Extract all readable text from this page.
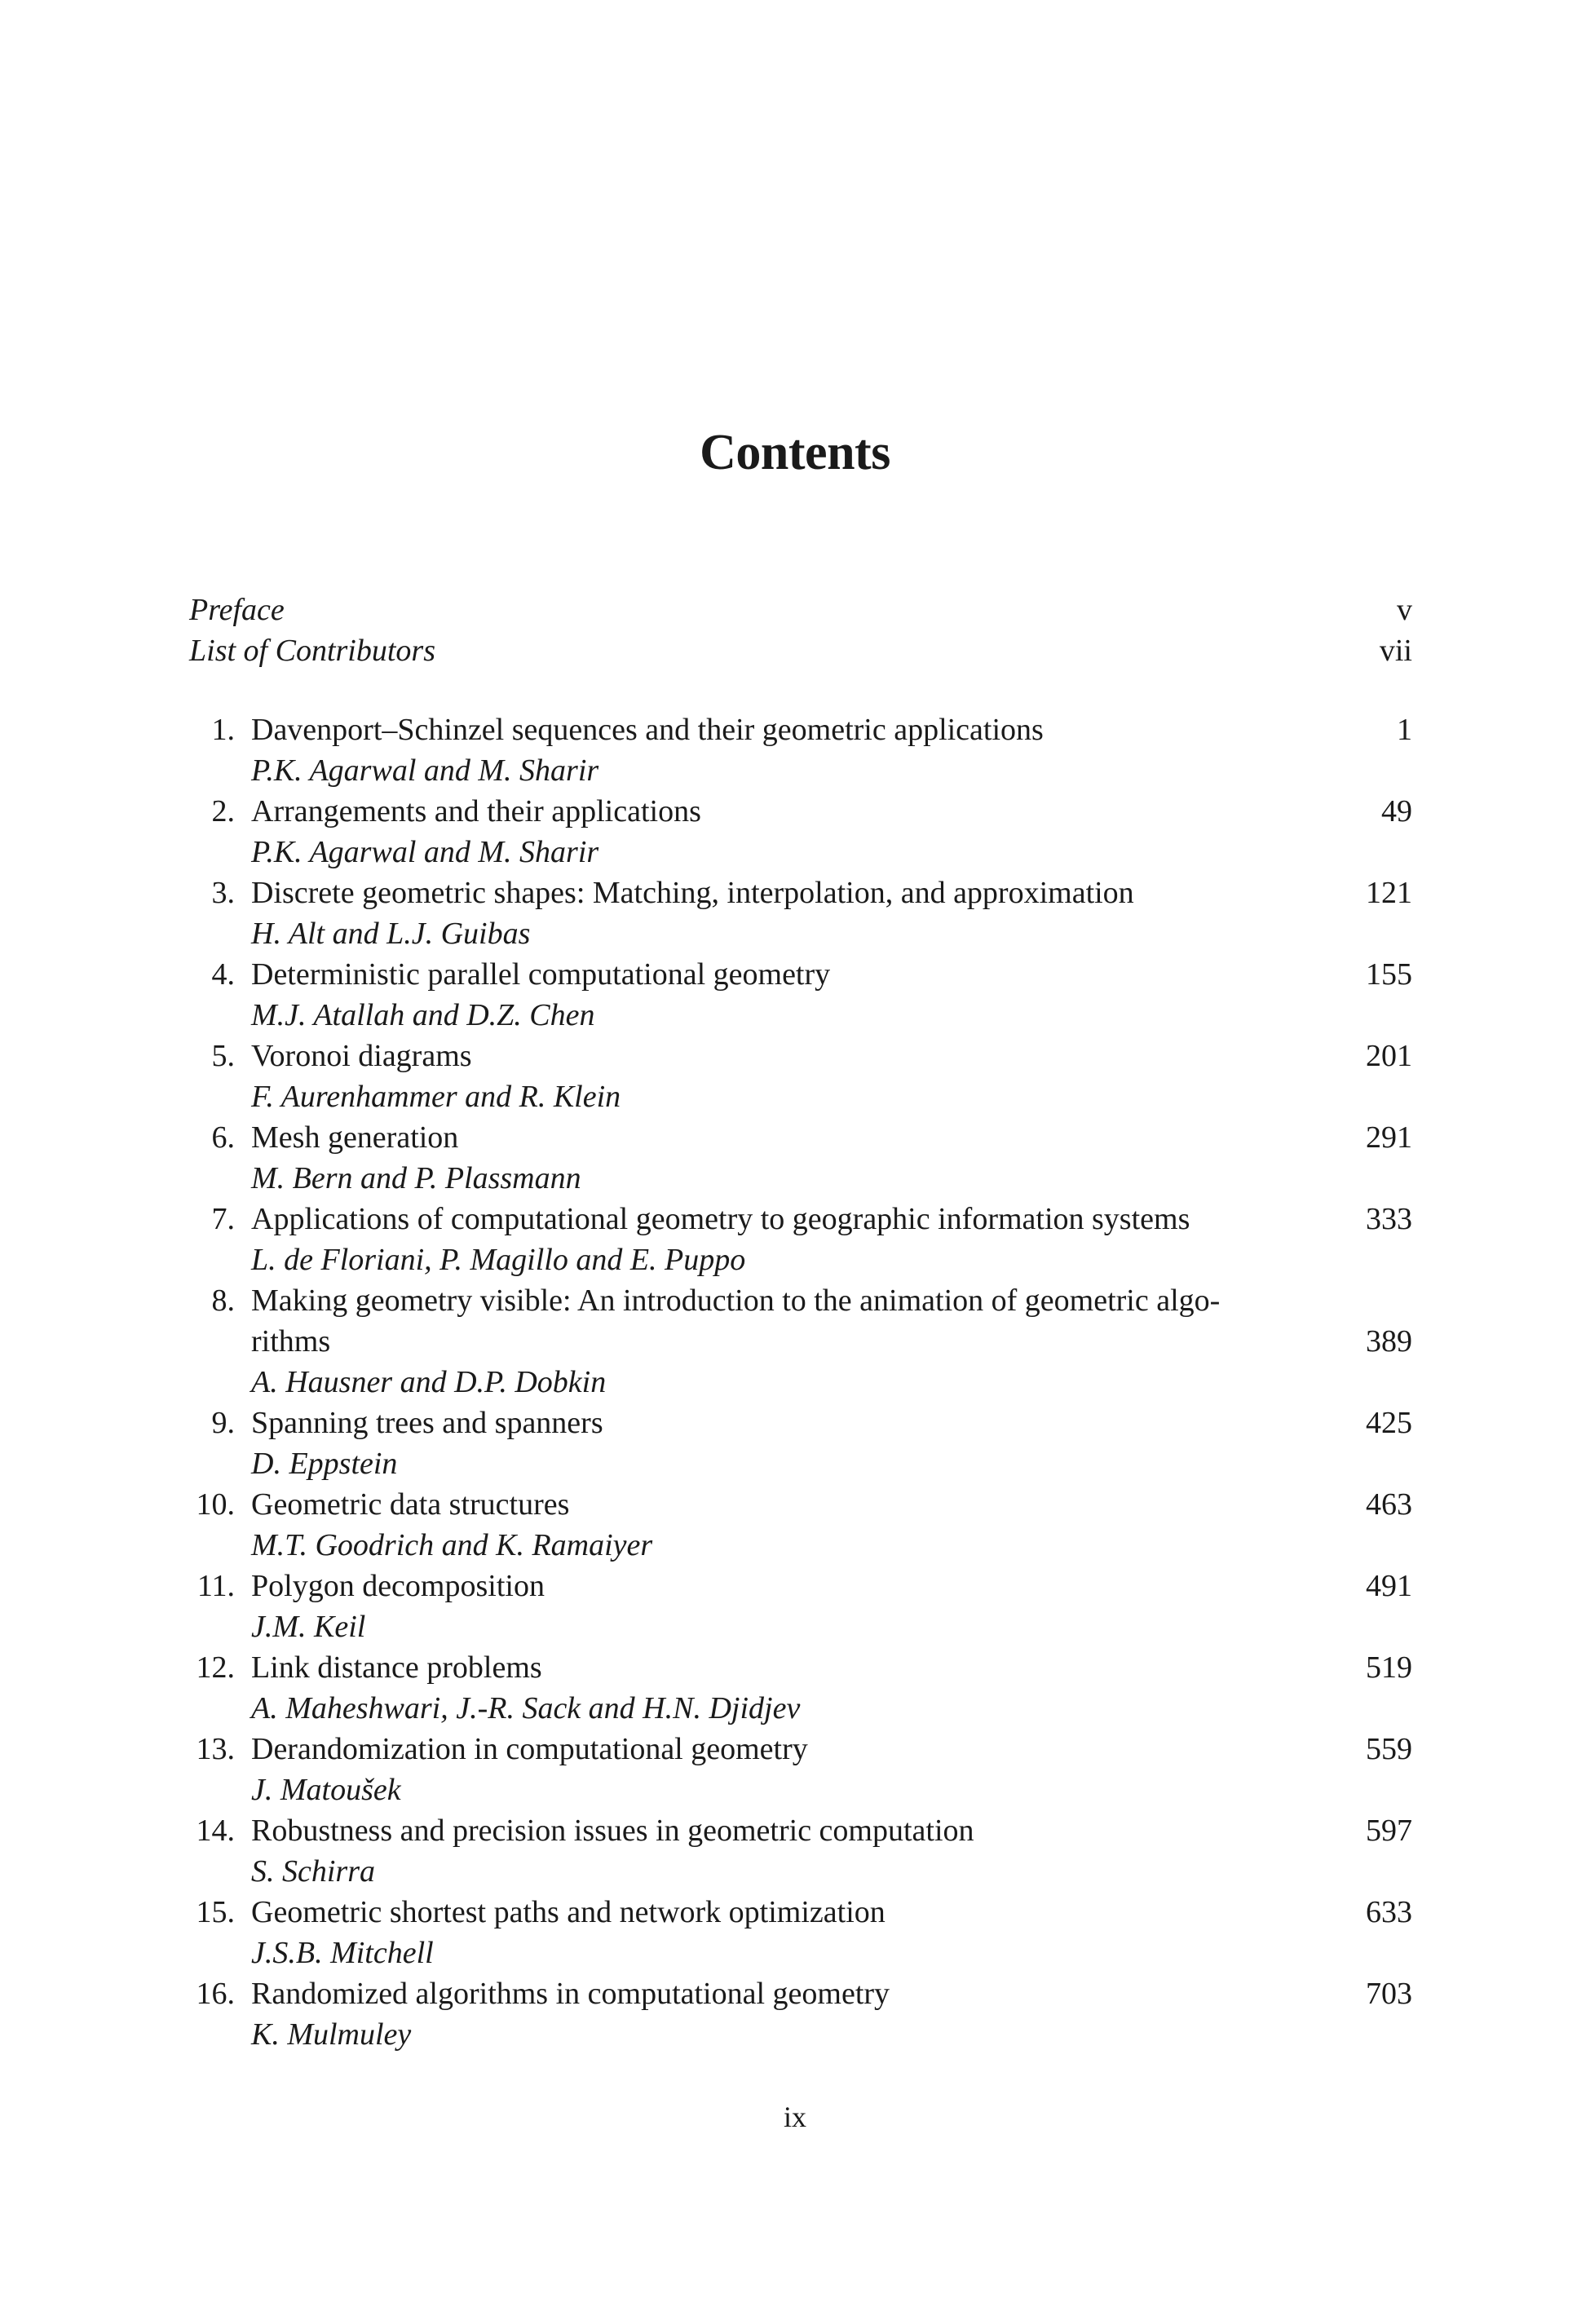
Contents
Preface	v
List of Contributors	vii
1. Davenport–Schinzel sequences and their geometric applications	1
P.K. Agarwal and M. Sharir
2. Arrangements and their applications	49
P.K. Agarwal and M. Sharir
3. Discrete geometric shapes: Matching, interpolation, and approximation	121
H. Alt and L.J. Guibas
4. Deterministic parallel computational geometry	155
M.J. Atallah and D.Z. Chen
5. Voronoi diagrams	201
F. Aurenhammer and R. Klein
6. Mesh generation	291
M. Bern and P. Plassmann
7. Applications of computational geometry to geographic information systems	333
L. de Floriani, P. Magillo and E. Puppo
8. Making geometry visible: An introduction to the animation of geometric algo-
rithms	389
A. Hausner and D.P. Dobkin
9. Spanning trees and spanners	425
D. Eppstein
10. Geometric data structures	463
M.T. Goodrich and K. Ramaiyer
11. Polygon decomposition	491
J.M. Keil
12. Link distance problems	519
A. Maheshwari, J.-R. Sack and H.N. Djidjev
13. Derandomization in computational geometry	559
J. Matoušek
14. Robustness and precision issues in geometric computation	597
S. Schirra
15. Geometric shortest paths and network optimization	633
J.S.B. Mitchell
16. Randomized algorithms in computational geometry	703
K. Mulmuley
ix
